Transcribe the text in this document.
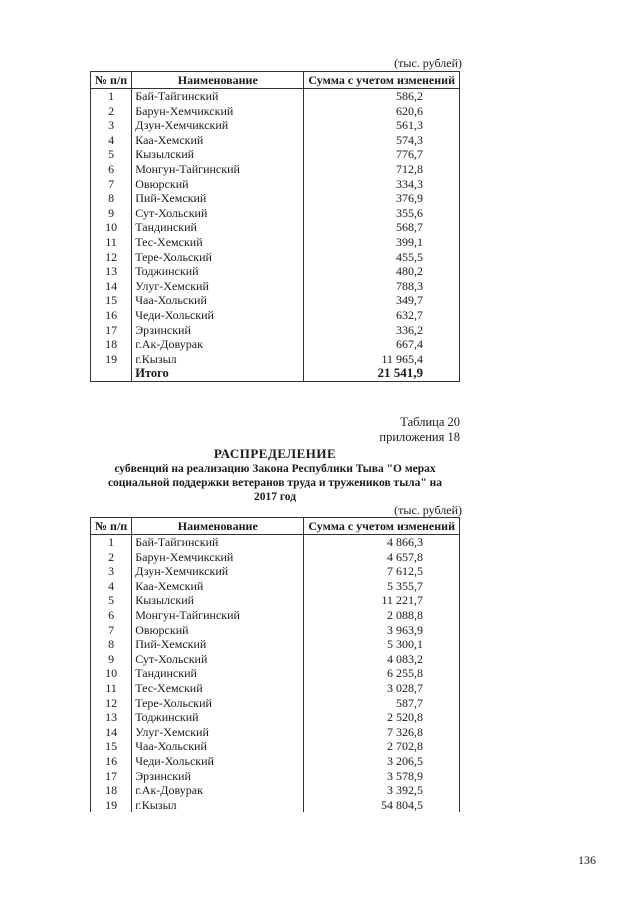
(тыс. рублей)
№ п/п	Наименование	Сумма с учетом изменений
1	Бай-Тайгинский	586,2
2	Барун-Хемчикский	620,6
3	Дзун-Хемчикский	561,3
4	Каа-Хемский	574,3
5	Кызылский	776,7
6	Монгун-Тайгинский	712,8
7	Овюрский	334,3
8	Пий-Хемский	376,9
9	Сут-Хольский	355,6
10	Тандинский	568,7
11	Тес-Хемский	399,1
12	Тере-Хольский	455,5
13	Тоджинский	480,2
14	Улуг-Хемский	788,3
15	Чаа-Хольский	349,7
16	Чеди-Хольский	632,7
17	Эрзинский	336,2
18	г.Ак-Довурак	667,4
19	г.Кызыл	11 965,4
	Итого	21 541,9
Таблица 20
приложения 18
РАСПРЕДЕЛЕНИЕ
субвенций на реализацию Закона Республики Тыва "О мерах
социальной поддержки ветеранов труда и тружеников тыла" на
2017 год
(тыс. рублей)
№ п/п	Наименование	Сумма с учетом изменений
1	Бай-Тайгинский	4 866,3
2	Барун-Хемчикский	4 657,8
3	Дзун-Хемчикский	7 612,5
4	Каа-Хемский	5 355,7
5	Кызылский	11 221,7
6	Монгун-Тайгинский	2 088,8
7	Овюрский	3 963,9
8	Пий-Хемский	5 300,1
9	Сут-Хольский	4 083,2
10	Тандинский	6 255,8
11	Тес-Хемский	3 028,7
12	Тере-Хольский	587,7
13	Тоджинский	2 520,8
14	Улуг-Хемский	7 326,8
15	Чаа-Хольский	2 702,8
16	Чеди-Хольский	3 206,5
17	Эрзинский	3 578,9
18	г.Ак-Довурак	3 392,5
19	г.Кызыл	54 804,5
136
